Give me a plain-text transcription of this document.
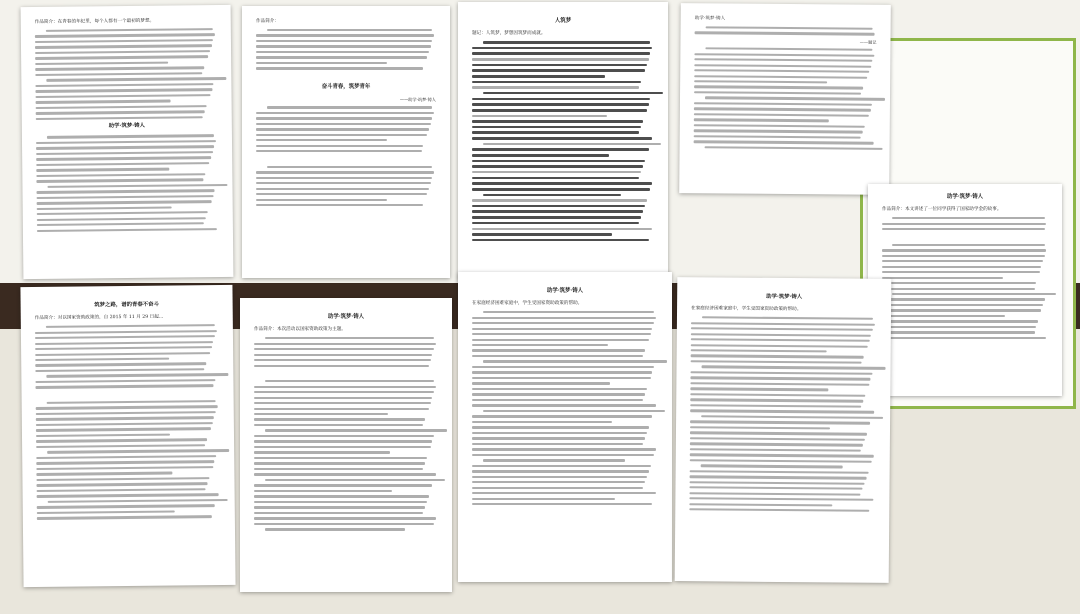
作品简介：在青春的年纪里，每个人都有一个最初的梦想。
助学·筑梦·铸人
作品简介：
奋斗青春，筑梦青年
——助学·筑梦·铸人
人筑梦
题记：人筑梦，梦想因筑梦而成就。
助学·筑梦·铸人
——题记
助学·筑梦·铸人
作品简介：本文讲述了一位同学获得了国家助学金的故事。
筑梦之路，谱的青春不奋斗
作品简介：对以国家资助政策的，自 2015 年 11 月 29 日起…	助学·筑梦·铸人
作品简介：本次活动以国家资助政策为主题。
助学·筑梦·铸人
在家庭经济困难家庭中，学生受国家资助政策的帮助。
助学·筑梦·铸人
在家庭经济困难家庭中，学生受国家资助政策的帮助。
